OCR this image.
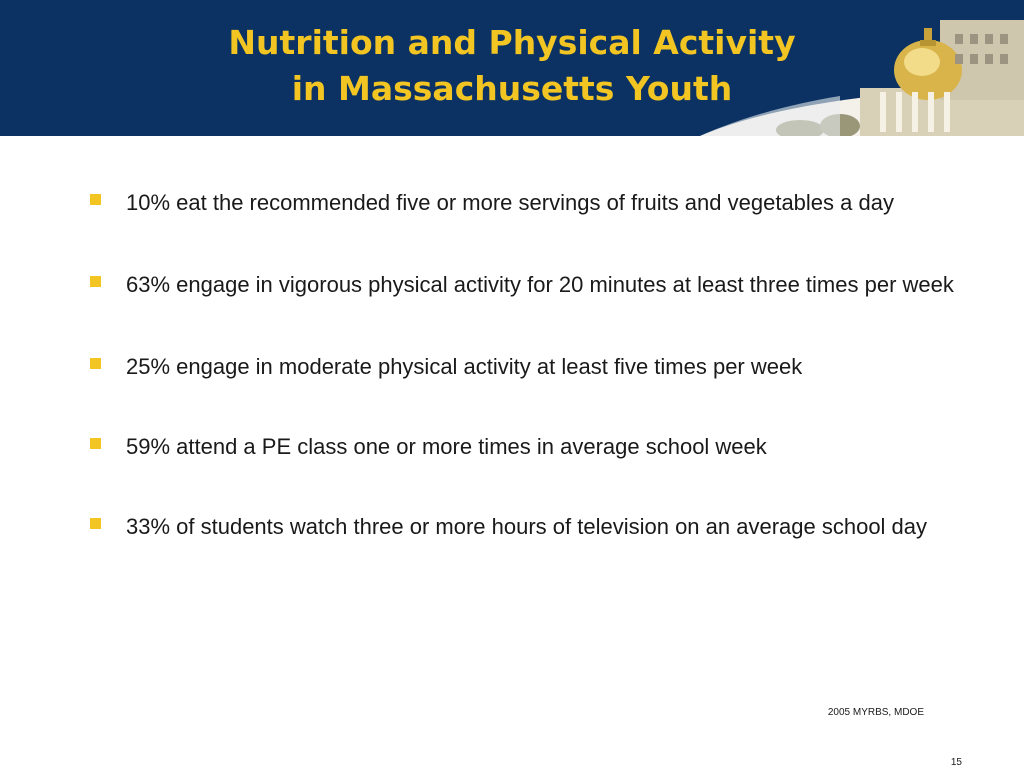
Nutrition and Physical Activity
in Massachusetts Youth
10% eat the recommended five or more servings of fruits and vegetables a day
63% engage in vigorous physical activity for 20 minutes at least three times per week
25% engage in moderate physical activity at least five times per week
59% attend a PE class one or more times in average school week
33% of students watch three or more hours of television on an average school day
2005 MYRBS, MDOE
15
